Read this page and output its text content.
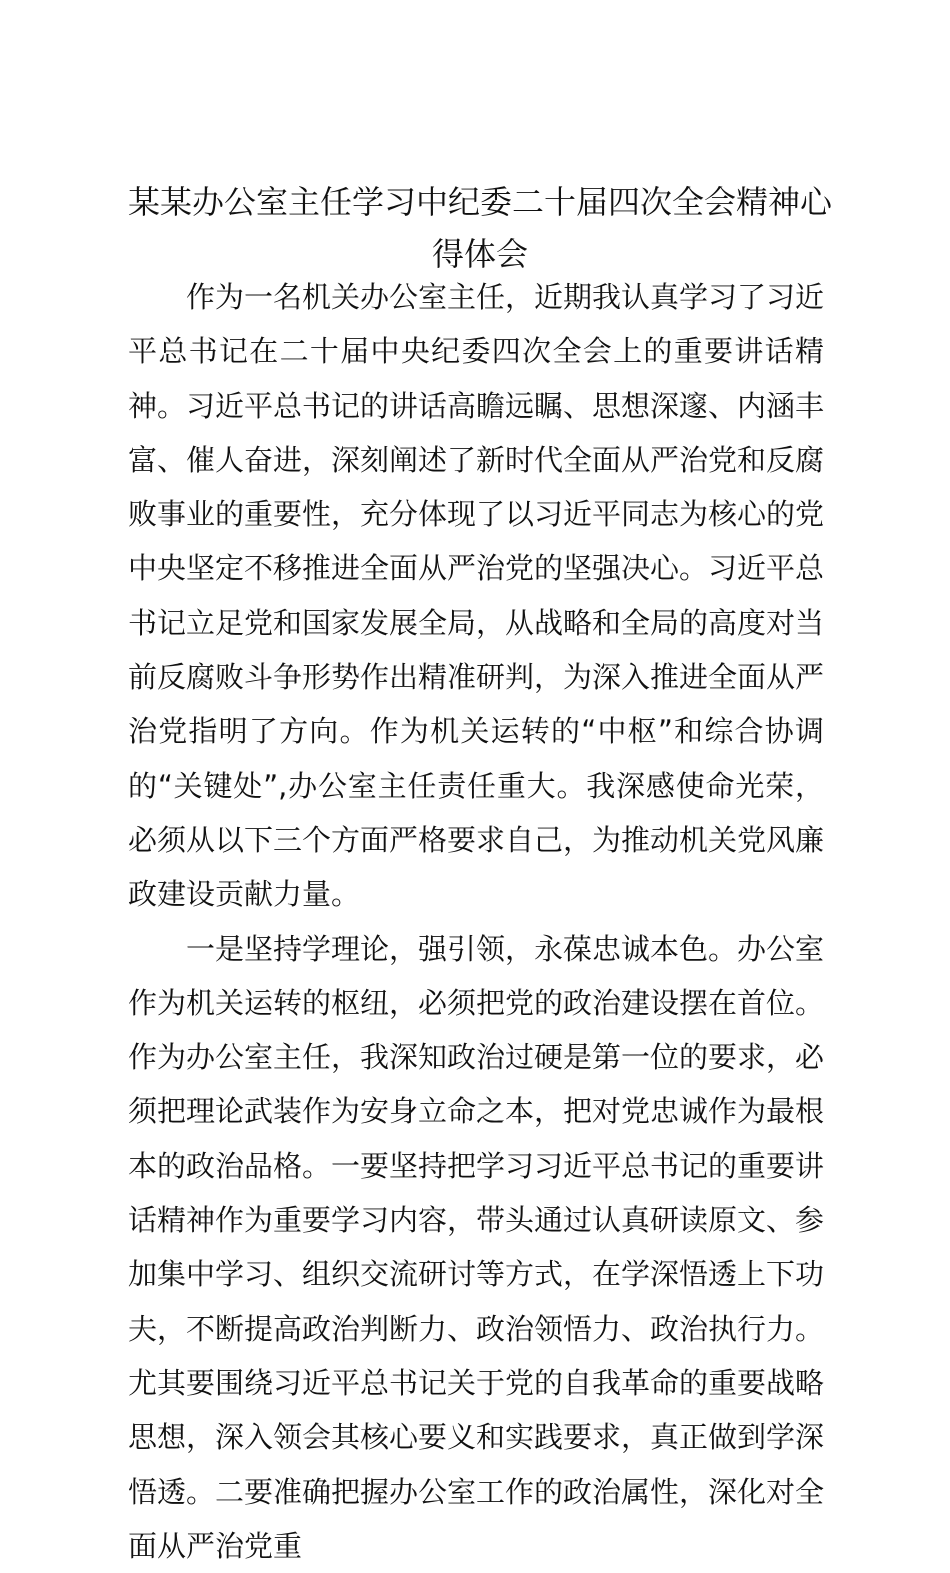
某某办公室主任学习中纪委二十届四次全会精神心得体会

作为一名机关办公室主任，近期我认真学习了习近平总书记在二十届中央纪委四次全会上的重要讲话精神。习近平总书记的讲话高瞻远瞩、思想深邃、内涵丰富、催人奋进，深刻阐述了新时代全面从严治党和反腐败事业的重要性，充分体现了以习近平同志为核心的党中央坚定不移推进全面从严治党的坚强决心。习近平总书记立足党和国家发展全局，从战略和全局的高度对当前反腐败斗争形势作出精准研判，为深入推进全面从严治党指明了方向。作为机关运转的“中枢”和综合协调的“关键处”,办公室主任责任重大。我深感使命光荣，必须从以下三个方面严格要求自己，为推动机关党风廉政建设贡献力量。

一是坚持学理论，强引领，永葆忠诚本色。办公室作为机关运转的枢纽，必须把党的政治建设摆在首位。作为办公室主任，我深知政治过硬是第一位的要求，必须把理论武装作为安身立命之本，把对党忠诚作为最根本的政治品格。一要坚持把学习习近平总书记的重要讲话精神作为重要学习内容，带头通过认真研读原文、参加集中学习、组织交流研讨等方式，在学深悟透上下功夫，不断提高政治判断力、政治领悟力、政治执行力。尤其要围绕习近平总书记关于党的自我革命的重要战略思想，深入领会其核心要义和实践要求，真正做到学深悟透。二要准确把握办公室工作的政治属性，深化对全面从严治党重
